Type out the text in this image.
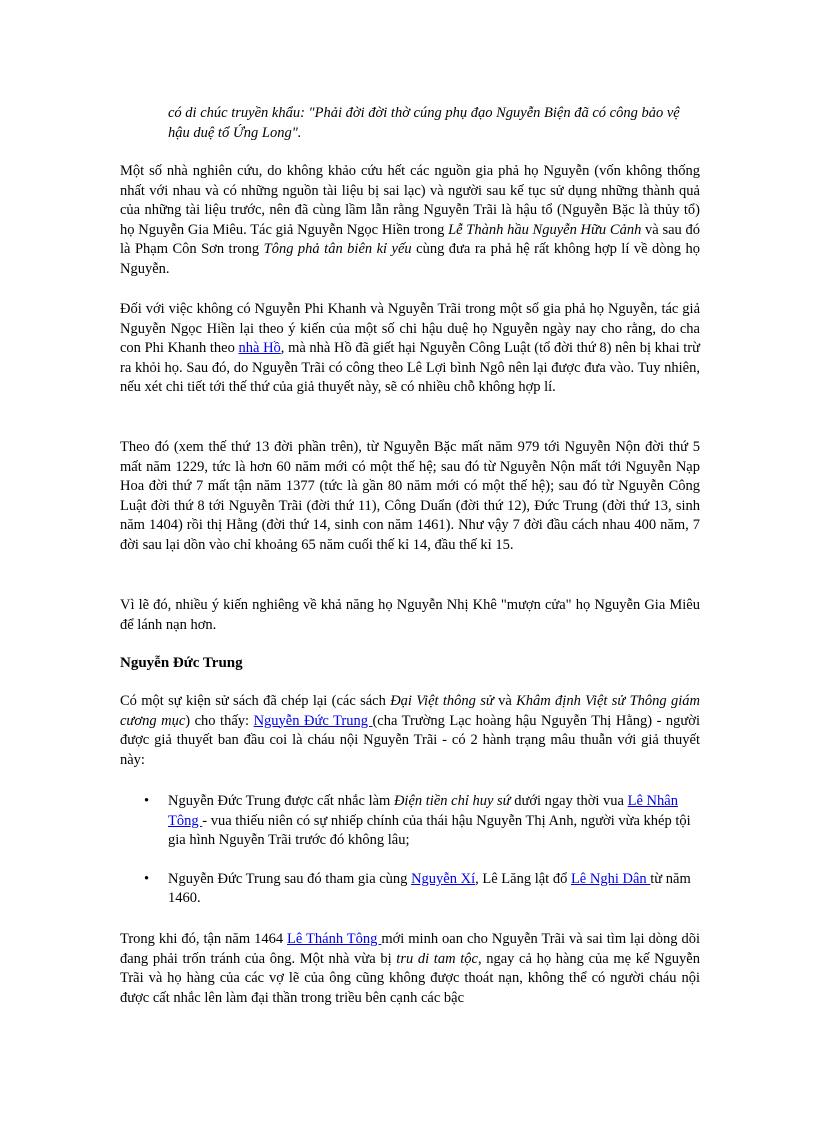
có di chúc truyền khẩu: "Phải đời đời thờ cúng phụ đạo Nguyễn Biện đã có công bảo vệ hậu duệ tổ Ứng Long".
Một số nhà nghiên cứu, do không khảo cứu hết các nguồn gia phả họ Nguyễn (vốn không thống nhất với nhau và có những nguồn tài liệu bị sai lạc) và người sau kế tục sử dụng những thành quả của những tài liệu trước, nên đã cùng lầm lẫn rằng Nguyễn Trãi là hậu tổ (Nguyễn Bặc là thủy tổ) họ Nguyễn Gia Miêu. Tác giả Nguyễn Ngọc Hiền trong Lễ Thành hầu Nguyễn Hữu Cảnh và sau đó là Phạm Côn Sơn trong Tông phả tân biên kỉ yếu cùng đưa ra phả hệ rất không hợp lí về dòng họ Nguyễn.
Đối với việc không có Nguyễn Phi Khanh và Nguyễn Trãi trong một số gia phả họ Nguyễn, tác giả Nguyễn Ngọc Hiền lại theo ý kiến của một số chi hậu duệ họ Nguyễn ngày nay cho rằng, do cha con Phi Khanh theo nhà Hồ, mà nhà Hồ đã giết hại Nguyễn Công Luật (tổ đời thứ 8) nên bị khai trừ ra khỏi họ. Sau đó, do Nguyễn Trãi có công theo Lê Lợi bình Ngô nên lại được đưa vào. Tuy nhiên, nếu xét chi tiết tới thế thứ của giả thuyết này, sẽ có nhiều chỗ không hợp lí.
Theo đó (xem thế thứ 13 đời phần trên), từ Nguyễn Bặc mất năm 979 tới Nguyễn Nộn đời thứ 5 mất năm 1229, tức là hơn 60 năm mới có một thế hệ; sau đó từ Nguyễn Nộn mất tới Nguyễn Nạp Hoa đời thứ 7 mất tận năm 1377 (tức là gần 80 năm mới có một thế hệ); sau đó từ Nguyễn Công Luật đời thứ 8 tới Nguyễn Trãi (đời thứ 11), Công Duẩn (đời thứ 12), Đức Trung (đời thứ 13, sinh năm 1404) rồi thị Hằng (đời thứ 14, sinh con năm 1461). Như vậy 7 đời đầu cách nhau 400 năm, 7 đời sau lại dồn vào chỉ khoảng 65 năm cuối thế kỉ 14, đầu thế kỉ 15.
Vì lẽ đó, nhiều ý kiến nghiêng về khả năng họ Nguyễn Nhị Khê "mượn cửa" họ Nguyễn Gia Miêu để lánh nạn hơn.
Nguyễn Đức Trung
Có một sự kiện sử sách đã chép lại (các sách Đại Việt thông sử và Khâm định Việt sử Thông giám cương mục) cho thấy: Nguyễn Đức Trung (cha Trường Lạc hoàng hậu Nguyễn Thị Hằng) - người được giả thuyết ban đầu coi là cháu nội Nguyễn Trãi - có 2 hành trạng mâu thuẫn với giả thuyết này:
• Nguyễn Đức Trung được cất nhắc làm Điện tiền chỉ huy sứ dưới ngay thời vua Lê Nhân Tông - vua thiếu niên có sự nhiếp chính của thái hậu Nguyễn Thị Anh, người vừa khép tội gia hình Nguyễn Trãi trước đó không lâu;
• Nguyễn Đức Trung sau đó tham gia cùng Nguyễn Xí, Lê Lăng lật đổ Lê Nghi Dân từ năm 1460.
Trong khi đó, tận năm 1464 Lê Thánh Tông mới minh oan cho Nguyễn Trãi và sai tìm lại dòng dõi đang phải trốn tránh của ông. Một nhà vừa bị tru di tam tộc, ngay cả họ hàng của mẹ kế Nguyễn Trãi và họ hàng của các vợ lẽ của ông cũng không được thoát nạn, không thể có người cháu nội được cất nhắc lên làm đại thần trong triều bên cạnh các bậc
